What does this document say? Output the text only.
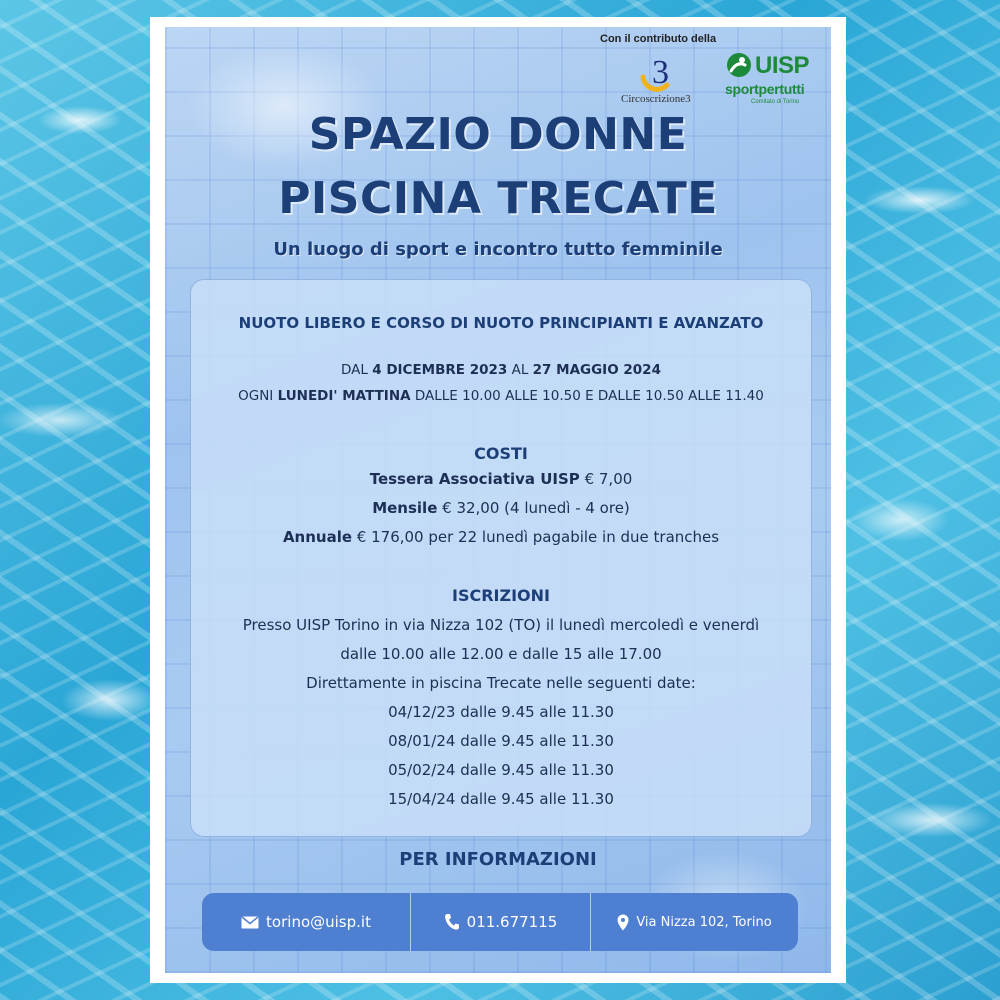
Con il contributo della
3
Circoscrizione3
UISP
sportpertutti
Comitato di Torino
SPAZIO DONNE
PISCINA TRECATE
Un luogo di sport e incontro tutto femminile
NUOTO LIBERO E CORSO DI NUOTO PRINCIPIANTI E AVANZATO
DAL 4 DICEMBRE 2023 AL 27 MAGGIO 2024
OGNI LUNEDI' MATTINA DALLE 10.00 ALLE 10.50 E DALLE 10.50 ALLE 11.40
COSTI
Tessera Associativa UISP € 7,00
Mensile € 32,00 (4 lunedì - 4 ore)
Annuale € 176,00 per 22 lunedì pagabile in due tranches
ISCRIZIONI
Presso UISP Torino in via Nizza 102 (TO) il lunedì mercoledì e venerdì
dalle 10.00 alle 12.00 e dalle 15 alle 17.00
Direttamente in piscina Trecate nelle seguenti date:
04/12/23 dalle 9.45 alle 11.30
08/01/24 dalle 9.45 alle 11.30
05/02/24 dalle 9.45 alle 11.30
15/04/24 dalle 9.45 alle 11.30
PER INFORMAZIONI
torino@uisp.it	011.677115	Via Nizza 102, Torino
